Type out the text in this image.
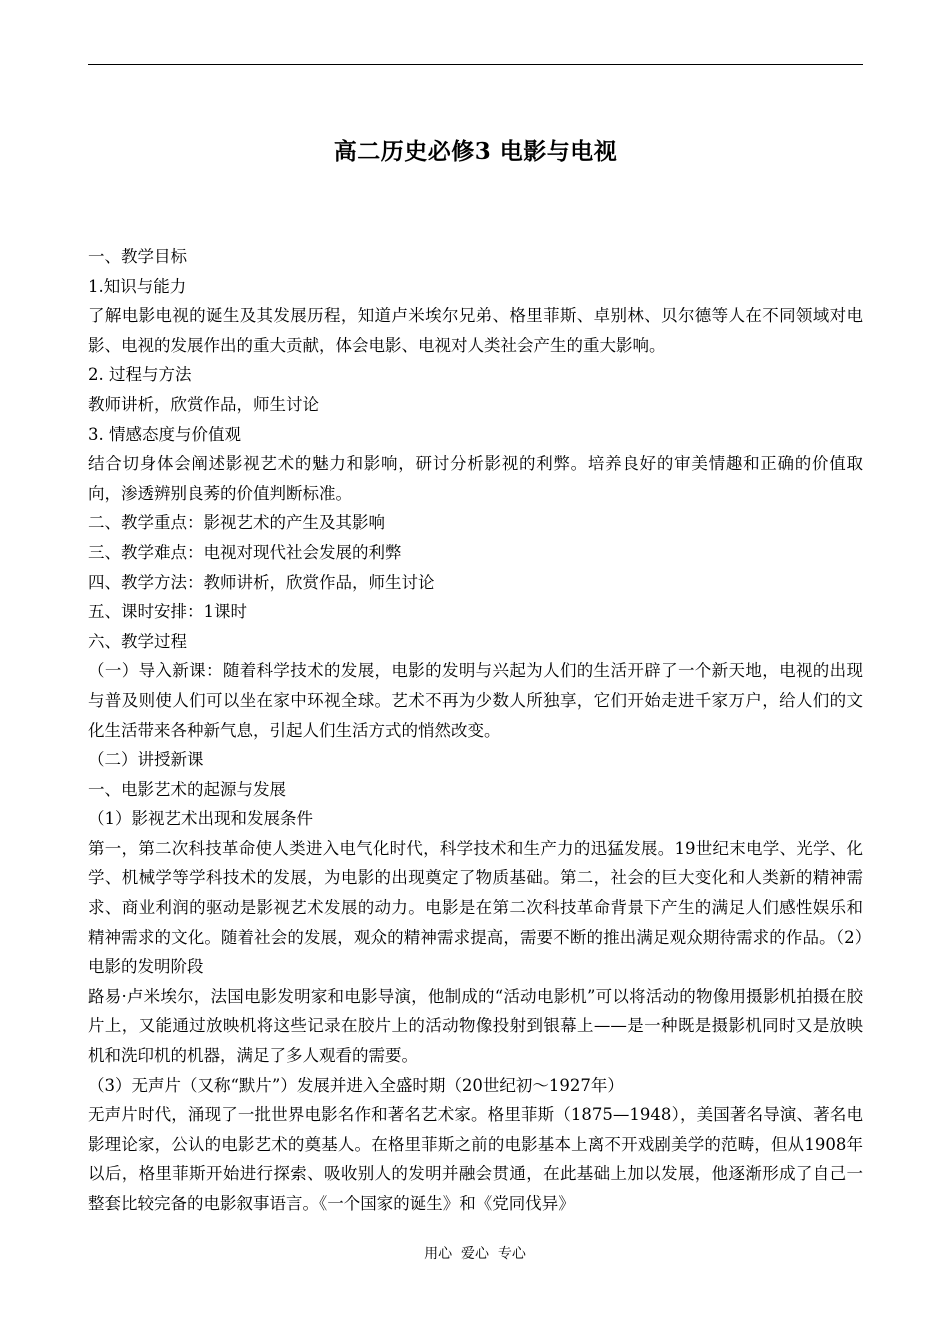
高二历史必修3 电影与电视

一、教学目标

1.知识与能力

了解电影电视的诞生及其发展历程，知道卢米埃尔兄弟、格里菲斯、卓别林、贝尔德等人在不同领域对电影、电视的发展作出的重大贡献，体会电影、电视对人类社会产生的重大影响。

2. 过程与方法

教师讲析，欣赏作品，师生讨论

3. 情感态度与价值观

结合切身体会阐述影视艺术的魅力和影响，研讨分析影视的利弊。培养良好的审美情趣和正确的价值取向，渗透辨别良莠的价值判断标准。

二、教学重点：影视艺术的产生及其影响

三、教学难点：电视对现代社会发展的利弊

四、教学方法：教师讲析，欣赏作品，师生讨论

五、课时安排：1课时

六、教学过程

（一）导入新课：随着科学技术的发展，电影的发明与兴起为人们的生活开辟了一个新天地，电视的出现与普及则使人们可以坐在家中环视全球。艺术不再为少数人所独享，它们开始走进千家万户，给人们的文化生活带来各种新气息，引起人们生活方式的悄然改变。

（二）讲授新课

一、电影艺术的起源与发展

（1）影视艺术出现和发展条件

第一，第二次科技革命使人类进入电气化时代，科学技术和生产力的迅猛发展。19世纪末电学、光学、化学、机械学等学科技术的发展，为电影的出现奠定了物质基础。第二，社会的巨大变化和人类新的精神需求、商业利润的驱动是影视艺术发展的动力。电影是在第二次科技革命背景下产生的满足人们感性娱乐和精神需求的文化。随着社会的发展，观众的精神需求提高，需要不断的推出满足观众期待需求的作品。（2）电影的发明阶段

路易·卢米埃尔，法国电影发明家和电影导演，他制成的“活动电影机”可以将活动的物像用摄影机拍摄在胶片上，又能通过放映机将这些记录在胶片上的活动物像投射到银幕上——是一种既是摄影机同时又是放映机和洗印机的机器，满足了多人观看的需要。

（3）无声片（又称“默片”）发展并进入全盛时期（20世纪初～1927年）

无声片时代，涌现了一批世界电影名作和著名艺术家。格里菲斯（1875—1948），美国著名导演、著名电影理论家，公认的电影艺术的奠基人。在格里菲斯之前的电影基本上离不开戏剧美学的范畴，但从1908年以后，格里菲斯开始进行探索、吸收别人的发明并融会贯通，在此基础上加以发展，他逐渐形成了自己一整套比较完备的电影叙事语言。《一个国家的诞生》和《党同伐异》

用心  爱心  专心
